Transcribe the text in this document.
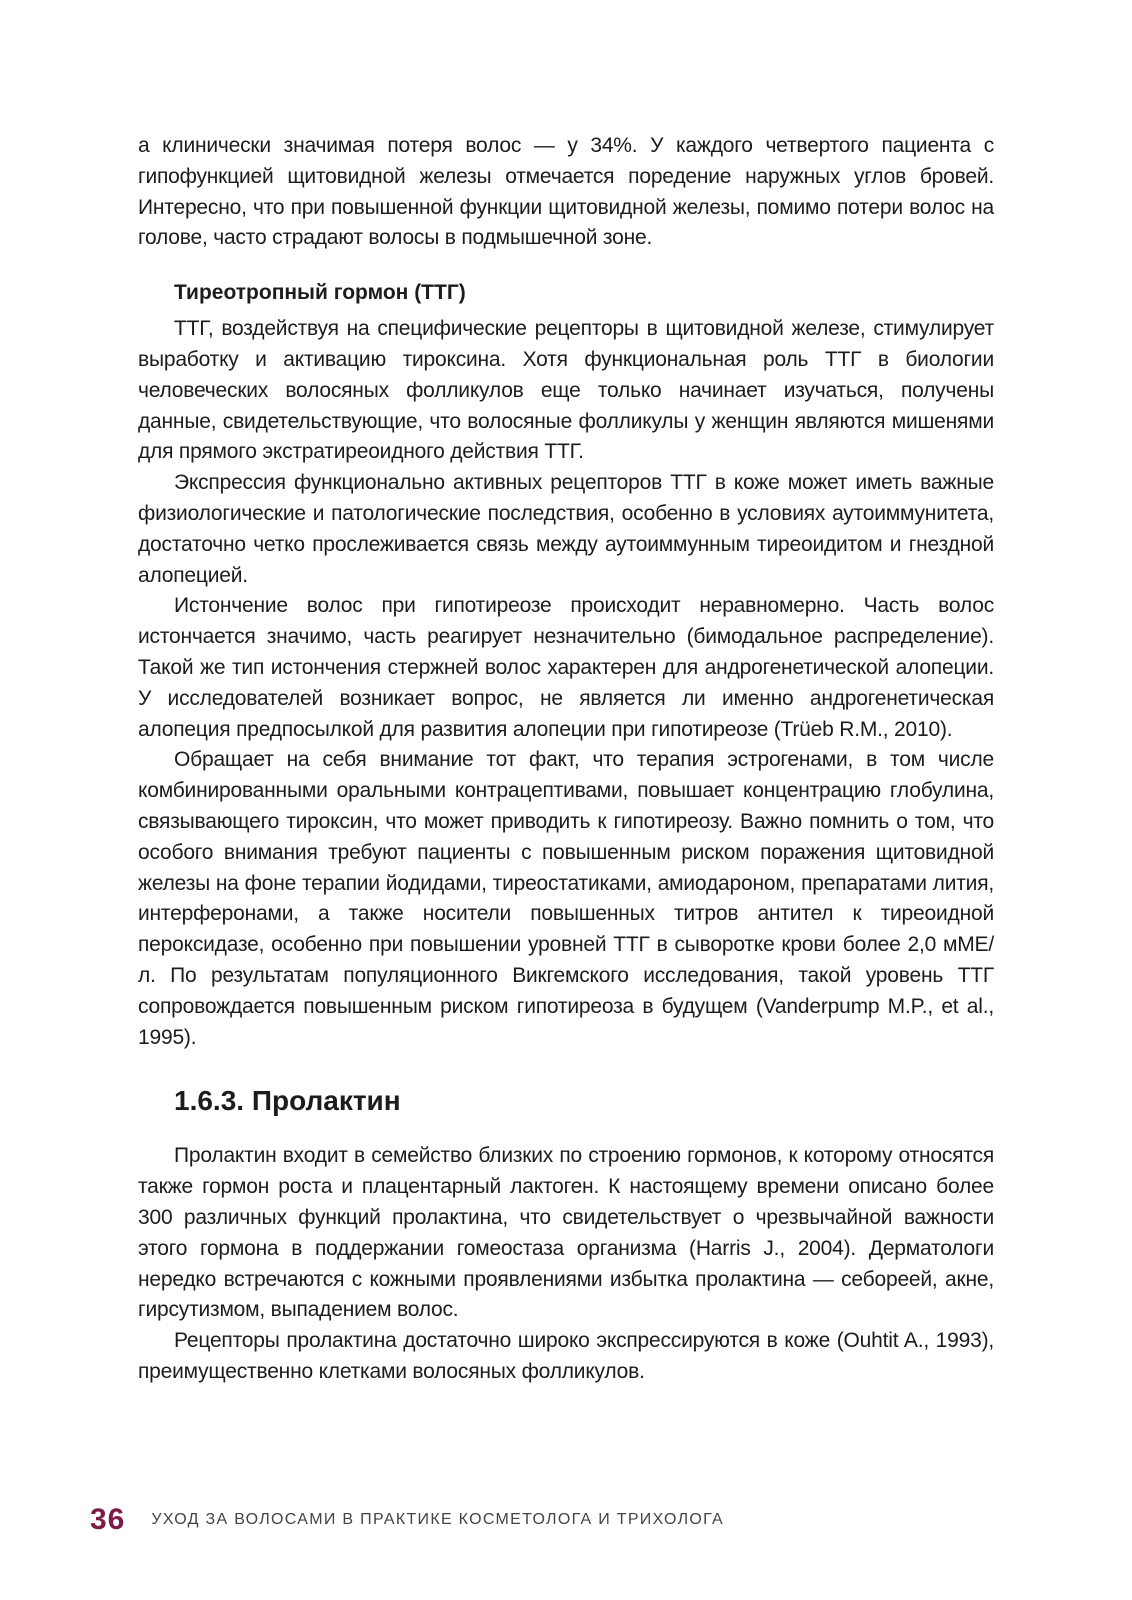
а клинически значимая потеря волос — у 34%. У каждого четвертого пациента с гипофункцией щитовидной железы отмечается поредение наружных углов бровей. Интересно, что при повышенной функции щитовидной железы, помимо потери волос на голове, часто страдают волосы в подмышечной зоне.

Тиреотропный гормон (ТТГ)

ТТГ, воздействуя на специфические рецепторы в щитовидной железе, стимулирует выработку и активацию тироксина. Хотя функциональная роль ТТГ в биологии человеческих волосяных фолликулов еще только начинает изучаться, получены данные, свидетельствующие, что волосяные фолликулы у женщин являются мишенями для прямого экстратиреоидного действия ТТГ.

Экспрессия функционально активных рецепторов ТТГ в коже может иметь важные физиологические и патологические последствия, особенно в условиях аутоиммунитета, достаточно четко прослеживается связь между аутоиммунным тиреоидитом и гнездной алопецией.

Истончение волос при гипотиреозе происходит неравномерно. Часть волос истончается значимо, часть реагирует незначительно (бимодальное распределение). Такой же тип истончения стержней волос характерен для андрогенетической алопеции. У исследователей возникает вопрос, не является ли именно андрогенетическая алопеция предпосылкой для развития алопеции при гипотиреозе (Trüeb R.M., 2010).

Обращает на себя внимание тот факт, что терапия эстрогенами, в том числе комбинированными оральными контрацептивами, повышает концентрацию глобулина, связывающего тироксин, что может приводить к гипотиреозу. Важно помнить о том, что особого внимания требуют пациенты с повышенным риском поражения щитовидной железы на фоне терапии йодидами, тиреостатиками, амиодароном, препаратами лития, интерферонами, а также носители повышенных титров антител к тиреоидной пероксидазе, особенно при повышении уровней ТТГ в сыворотке крови более 2,0 мМЕ/л. По результатам популяционного Викгемского исследования, такой уровень ТТГ сопровождается повышенным риском гипотиреоза в будущем (Vanderpump M.P., et al., 1995).

1.6.3. Пролактин

Пролактин входит в семейство близких по строению гормонов, к которому относятся также гормон роста и плацентарный лактоген. К настоящему времени описано более 300 различных функций пролактина, что свидетельствует о чрезвычайной важности этого гормона в поддержании гомеостаза организма (Harris J., 2004). Дерматологи нередко встречаются с кожными проявлениями избытка пролактина — себореей, акне, гирсутизмом, выпадением волос.

Рецепторы пролактина достаточно широко экспрессируются в коже (Ouhtit A., 1993), преимущественно клетками волосяных фолликулов.

36 УХОД ЗА ВОЛОСАМИ В ПРАКТИКЕ КОСМЕТОЛОГА И ТРИХОЛОГА
